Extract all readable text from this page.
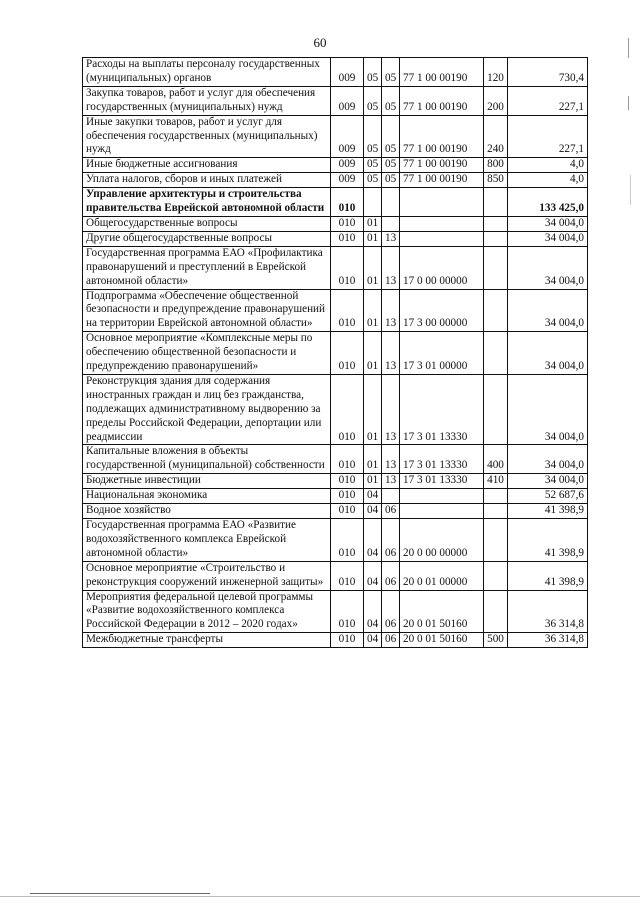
60
Расходы на выплаты персоналу государственных (муниципальных) органов	009	05	05	77 1 00 00190	120	730,4
Закупка товаров, работ и услуг для обеспечения государственных (муниципальных) нужд	009	05	05	77 1 00 00190	200	227,1
Иные закупки товаров, работ и услуг для обеспечения государственных (муниципальных) нужд	009	05	05	77 1 00 00190	240	227,1
Иные бюджетные ассигнования	009	05	05	77 1 00 00190	800	4,0
Уплата налогов, сборов и иных платежей	009	05	05	77 1 00 00190	850	4,0
Управление архитектуры и строительства правительства Еврейской автономной области	010					133 425,0
Общегосударственные вопросы	010	01				34 004,0
Другие общегосударственные вопросы	010	01	13			34 004,0
Государственная программа ЕАО «Профилактика правонарушений и преступлений в Еврейской автономной области»	010	01	13	17 0 00 00000		34 004,0
Подпрограмма «Обеспечение общественной безопасности и предупреждение правонарушений на территории Еврейской автономной области»	010	01	13	17 3 00 00000		34 004,0
Основное мероприятие «Комплексные меры по обеспечению общественной безопасности и предупреждению правонарушений»	010	01	13	17 3 01 00000		34 004,0
Реконструкция здания для содержания иностранных граждан и лиц без гражданства, подлежащих административному выдворению за пределы Российской Федерации, депортации или реадмиссии	010	01	13	17 3 01 13330		34 004,0
Капитальные вложения в объекты государственной (муниципальной) собственности	010	01	13	17 3 01 13330	400	34 004,0
Бюджетные инвестиции	010	01	13	17 3 01 13330	410	34 004,0
Национальная экономика	010	04				52 687,6
Водное хозяйство	010	04	06			41 398,9
Государственная программа ЕАО «Развитие водохозяйственного комплекса Еврейской автономной области»	010	04	06	20 0 00 00000		41 398,9
Основное мероприятие «Строительство и реконструкция сооружений инженерной защиты»	010	04	06	20 0 01 00000		41 398,9
Мероприятия федеральной целевой программы «Развитие водохозяйственного комплекса Российской Федерации в 2012 – 2020 годах»	010	04	06	20 0 01 50160		36 314,8
Межбюджетные трансферты	010	04	06	20 0 01 50160	500	36 314,8
